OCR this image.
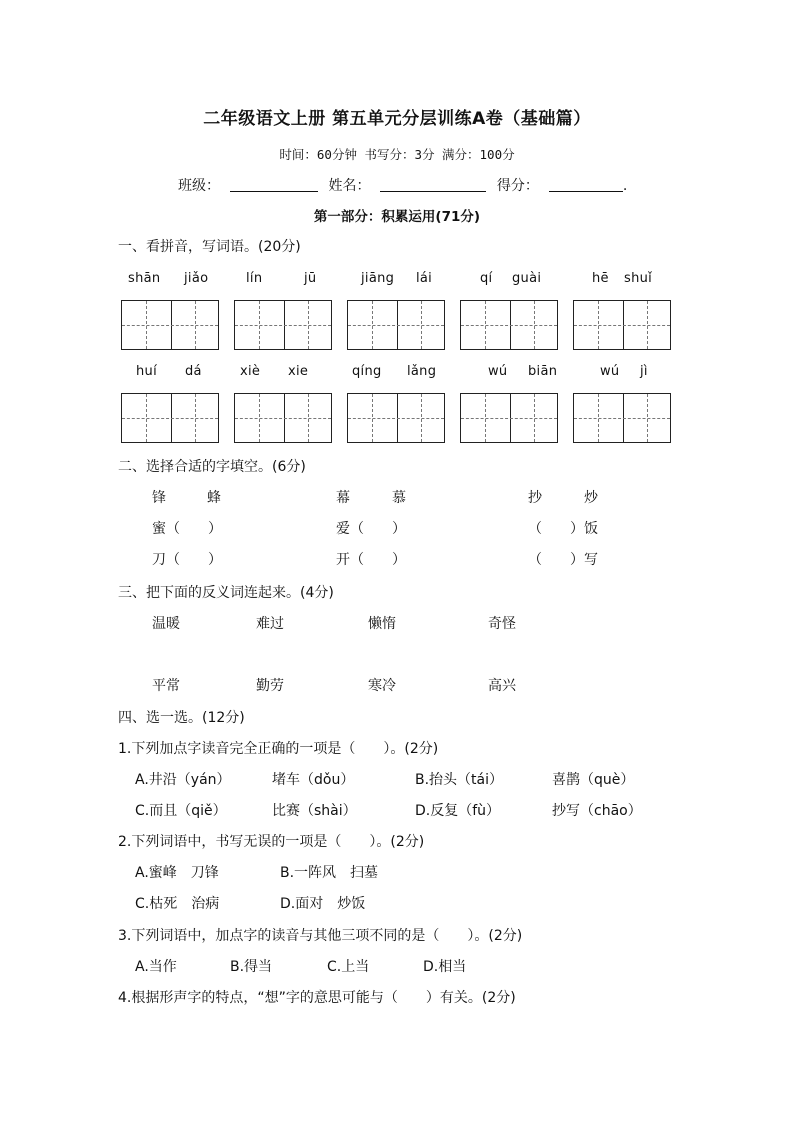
二年级语文上册 第五单元分层训练A卷（基础篇）
时间：60分钟 书写分：3分 满分：100分
班级：	姓名：	得分：	.
第一部分：积累运用(71分)
一、看拼音，写词语。(20分)
shān jiǎo	lín	jū	jiāng lái	qí guài	hē shuǐ
huí dá	xiè xie	qíng lǎng	wú biān	wú jì
二、选择合适的字填空。(6分)
锋	蜂	幕	慕	抄	炒
蜜（　　）	爱（　　）	（　　）饭
刀（　　）	开（　　）	（　　）写
三、把下面的反义词连起来。(4分)
温暖	难过	懒惰	奇怪
平常	勤劳	寒冷	高兴
四、选一选。(12分)
1.下列加点字读音完全正确的一项是（　　）。(2分)
A.井沿（yán）	堵车（dǒu）	B.抬头（tái）	喜鹊（què）
C.而且（qiě）	比赛（shài）	D.反复（fù）	抄写（chāo）
2.下列词语中，书写无误的一项是（　　）。(2分)
A.蜜峰　刀锋	B.一阵风　扫墓
C.枯死　治病	D.面对　炒饭
3.下列词语中，加点字的读音与其他三项不同的是（　　）。(2分)
A.当作	B.得当	C.上当	D.相当
4.根据形声字的特点，“想”字的意思可能与（　　）有关。(2分)
